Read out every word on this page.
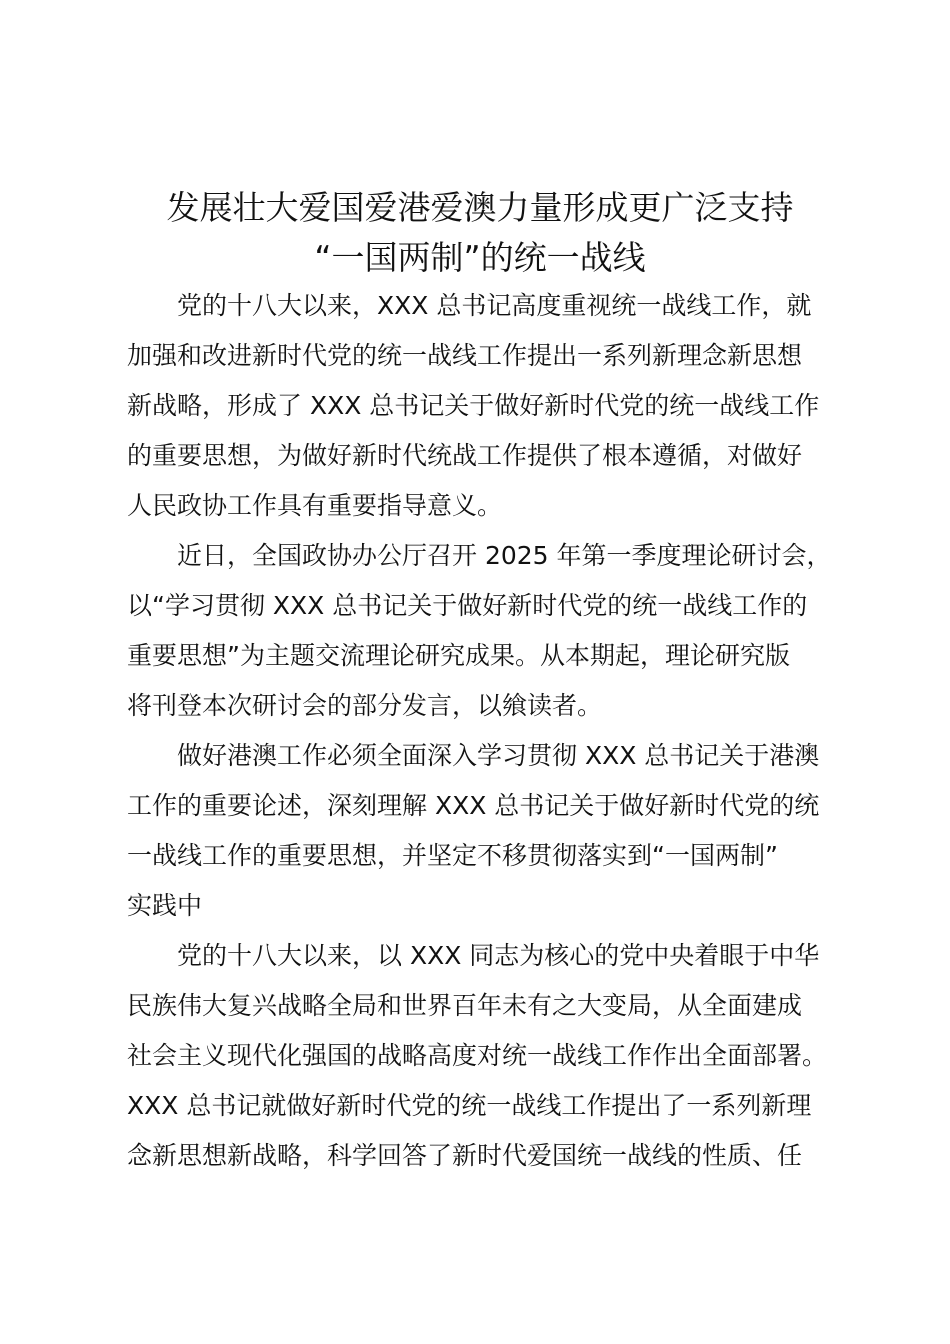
发展壮大爱国爱港爱澳力量形成更广泛支持
“一国两制”的统一战线

党的十八大以来，XXX 总书记高度重视统一战线工作，就
加强和改进新时代党的统一战线工作提出一系列新理念新思想
新战略，形成了 XXX 总书记关于做好新时代党的统一战线工作
的重要思想，为做好新时代统战工作提供了根本遵循，对做好
人民政协工作具有重要指导意义。

近日，全国政协办公厅召开 2025 年第一季度理论研讨会，
以“学习贯彻 XXX 总书记关于做好新时代党的统一战线工作的
重要思想”为主题交流理论研究成果。从本期起，理论研究版
将刊登本次研讨会的部分发言，以飨读者。

做好港澳工作必须全面深入学习贯彻 XXX 总书记关于港澳
工作的重要论述，深刻理解 XXX 总书记关于做好新时代党的统
一战线工作的重要思想，并坚定不移贯彻落实到“一国两制”
实践中

党的十八大以来，以 XXX 同志为核心的党中央着眼于中华
民族伟大复兴战略全局和世界百年未有之大变局，从全面建成
社会主义现代化强国的战略高度对统一战线工作作出全面部署。
XXX 总书记就做好新时代党的统一战线工作提出了一系列新理
念新思想新战略，科学回答了新时代爱国统一战线的性质、任
